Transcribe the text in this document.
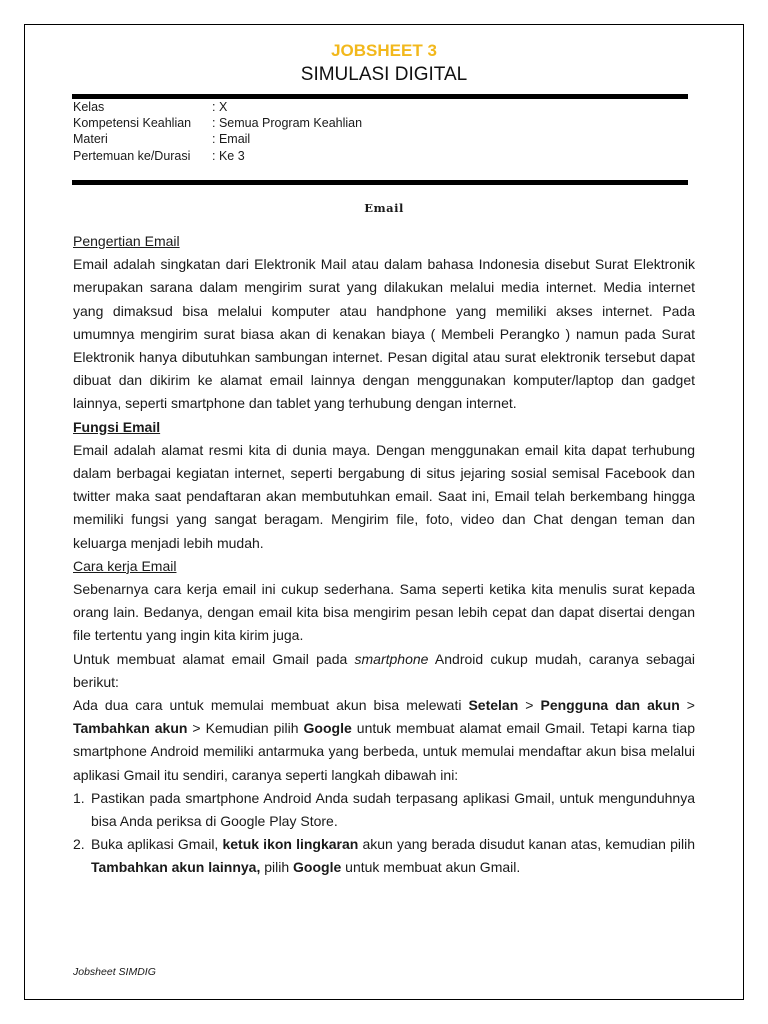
JOBSHEET 3
SIMULASI DIGITAL
Kelas	: X
Kompetensi Keahlian	: Semua Program Keahlian
Materi	: Email
Pertemuan ke/Durasi	: Ke 3
Email

Pengertian Email

Email adalah singkatan dari Elektronik Mail atau dalam bahasa Indonesia disebut Surat Elektronik merupakan sarana dalam mengirim surat yang dilakukan melalui media internet. Media internet yang dimaksud bisa melalui komputer atau handphone yang memiliki akses internet. Pada umumnya mengirim surat biasa akan di kenakan biaya ( Membeli Perangko ) namun pada Surat Elektronik hanya dibutuhkan sambungan internet. Pesan digital atau surat elektronik tersebut dapat dibuat dan dikirim ke alamat email lainnya dengan menggunakan komputer/laptop dan gadget lainnya, seperti smartphone dan tablet yang terhubung dengan internet.

Fungsi Email

Email adalah alamat resmi kita di dunia maya. Dengan menggunakan email kita dapat terhubung dalam berbagai kegiatan internet, seperti bergabung di situs jejaring sosial semisal Facebook dan twitter maka saat pendaftaran akan membutuhkan email. Saat ini, Email telah berkembang hingga memiliki fungsi yang sangat beragam. Mengirim file, foto, video dan Chat dengan teman dan keluarga menjadi lebih mudah.

Cara kerja Email

Sebenarnya cara kerja email ini cukup sederhana. Sama seperti ketika kita menulis surat kepada orang lain. Bedanya, dengan email kita bisa mengirim pesan lebih cepat dan dapat disertai dengan file tertentu yang ingin kita kirim juga.

Untuk membuat alamat email Gmail pada smartphone Android cukup mudah, caranya sebagai berikut:

Ada dua cara untuk memulai membuat akun bisa melewati Setelan > Pengguna dan akun > Tambahkan akun > Kemudian pilih Google untuk membuat alamat email Gmail. Tetapi karna tiap smartphone Android memiliki antarmuka yang berbeda, untuk memulai mendaftar akun bisa melalui aplikasi Gmail itu sendiri, caranya seperti langkah dibawah ini:

1. Pastikan pada smartphone Android Anda sudah terpasang aplikasi Gmail, untuk mengunduhnya bisa Anda periksa di Google Play Store.
2. Buka aplikasi Gmail, ketuk ikon lingkaran akun yang berada disudut kanan atas, kemudian pilih Tambahkan akun lainnya, pilih Google untuk membuat akun Gmail.
Jobsheet SIMDIG
